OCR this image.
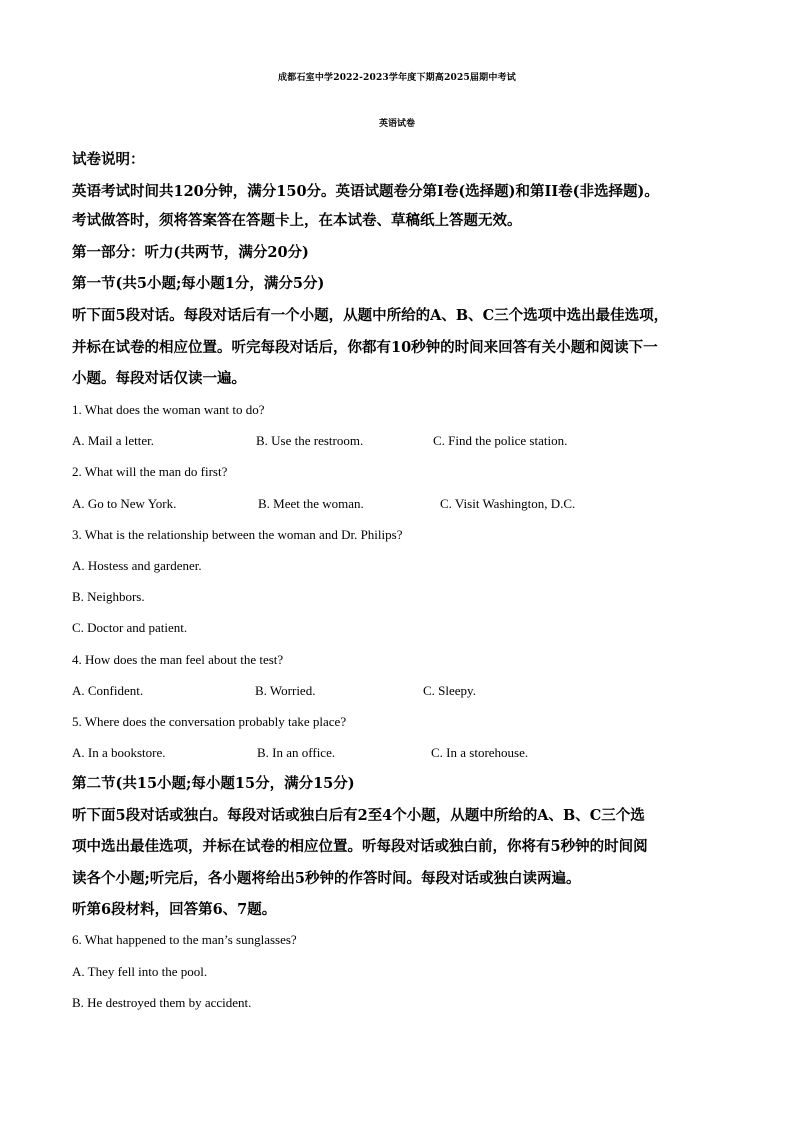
成都石室中学2022-2023学年度下期高2025届期中考试
英语试卷
试卷说明：
英语考试时间共120分钟，满分150分。英语试题卷分第I卷(选择题)和第II卷(非选择题)。
考试做答时，须将答案答在答题卡上，在本试卷、草稿纸上答题无效。
第一部分：听力(共两节，满分20分)
第一节(共5小题;每小题1分，满分5分)
听下面5段对话。每段对话后有一个小题，从题中所给的A、B、C三个选项中选出最佳选项，
并标在试卷的相应位置。听完每段对话后，你都有10秒钟的时间来回答有关小题和阅读下一
小题。每段对话仅读一遍。
1. What does the woman want to do?
A. Mail a letter.	B. Use the restroom.	C. Find the police station.
2. What will the man do first?
A. Go to New York.	B. Meet the woman.	C. Visit Washington, D.C.
3. What is the relationship between the woman and Dr. Philips?
A. Hostess and gardener.
B. Neighbors.
C. Doctor and patient.
4. How does the man feel about the test?
A. Confident.	B. Worried.	C. Sleepy.
5. Where does the conversation probably take place?
A. In a bookstore.	B. In an office.	C. In a storehouse.
第二节(共15小题;每小题15分，满分15分)
听下面5段对话或独白。每段对话或独白后有2至4个小题，从题中所给的A、B、C三个选
项中选出最佳选项，并标在试卷的相应位置。听每段对话或独白前，你将有5秒钟的时间阅
读各个小题;听完后，各小题将给出5秒钟的作答时间。每段对话或独白读两遍。
听第6段材料，回答第6、7题。
6. What happened to the man’s sunglasses?
A. They fell into the pool.
B. He destroyed them by accident.
